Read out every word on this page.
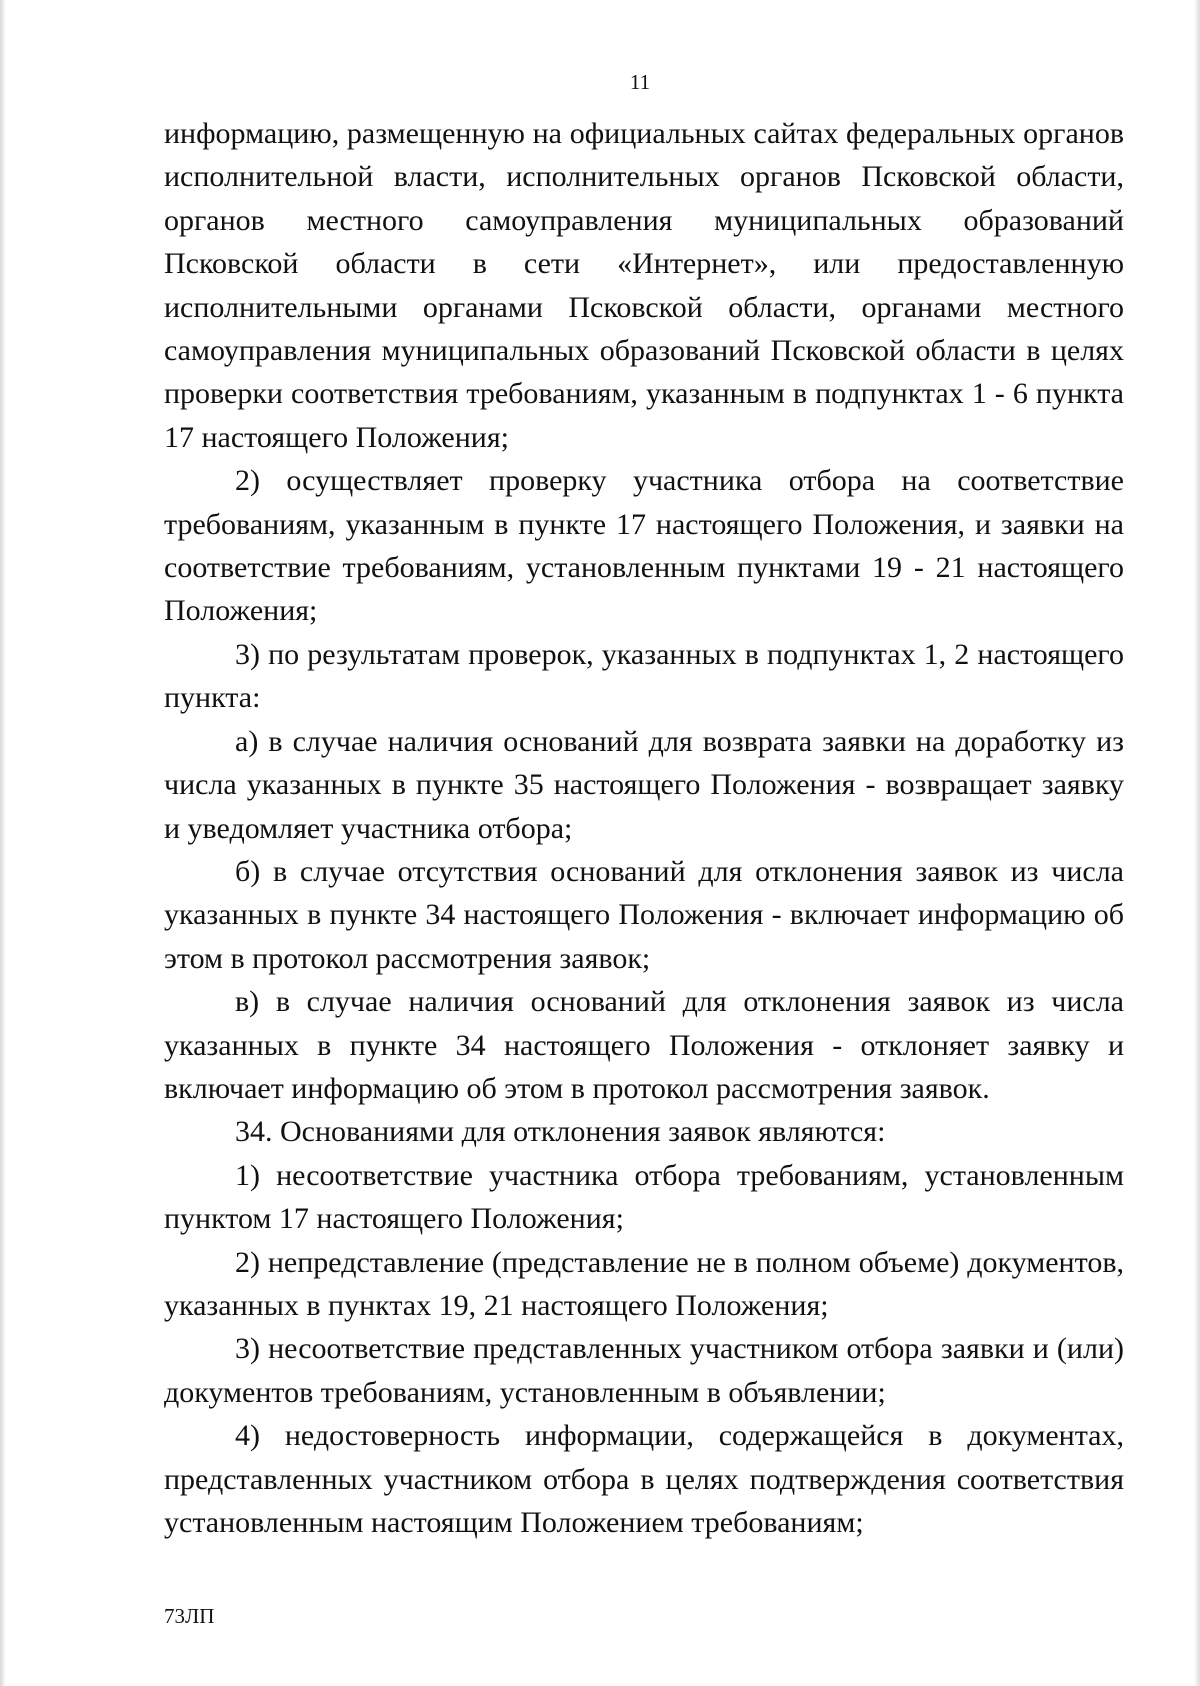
11

информацию, размещенную на официальных сайтах федеральных органов исполнительной власти, исполнительных органов Псковской области, органов местного самоуправления муниципальных образований Псковской области в сети «Интернет», или предоставленную исполнительными органами Псковской области, органами местного самоуправления муниципальных образований Псковской области в целях проверки соответствия требованиям, указанным в подпунктах 1 - 6 пункта 17 настоящего Положения;

2) осуществляет проверку участника отбора на соответствие требованиям, указанным в пункте 17 настоящего Положения, и заявки на соответствие требованиям, установленным пунктами 19 - 21 настоящего Положения;

3) по результатам проверок, указанных в подпунктах 1, 2 настоящего пункта:

а) в случае наличия оснований для возврата заявки на доработку из числа указанных в пункте 35 настоящего Положения - возвращает заявку и уведомляет участника отбора;

б) в случае отсутствия оснований для отклонения заявок из числа указанных в пункте 34 настоящего Положения - включает информацию об этом в протокол рассмотрения заявок;

в) в случае наличия оснований для отклонения заявок из числа указанных в пункте 34 настоящего Положения - отклоняет заявку и включает информацию об этом в протокол рассмотрения заявок.

34. Основаниями для отклонения заявок являются:

1) несоответствие участника отбора требованиям, установленным пунктом 17 настоящего Положения;

2) непредставление (представление не в полном объеме) документов, указанных в пунктах 19, 21 настоящего Положения;

3) несоответствие представленных участником отбора заявки и (или) документов требованиям, установленным в объявлении;

4) недостоверность информации, содержащейся в документах, представленных участником отбора в целях подтверждения соответствия установленным настоящим Положением требованиям;

73ЛП
